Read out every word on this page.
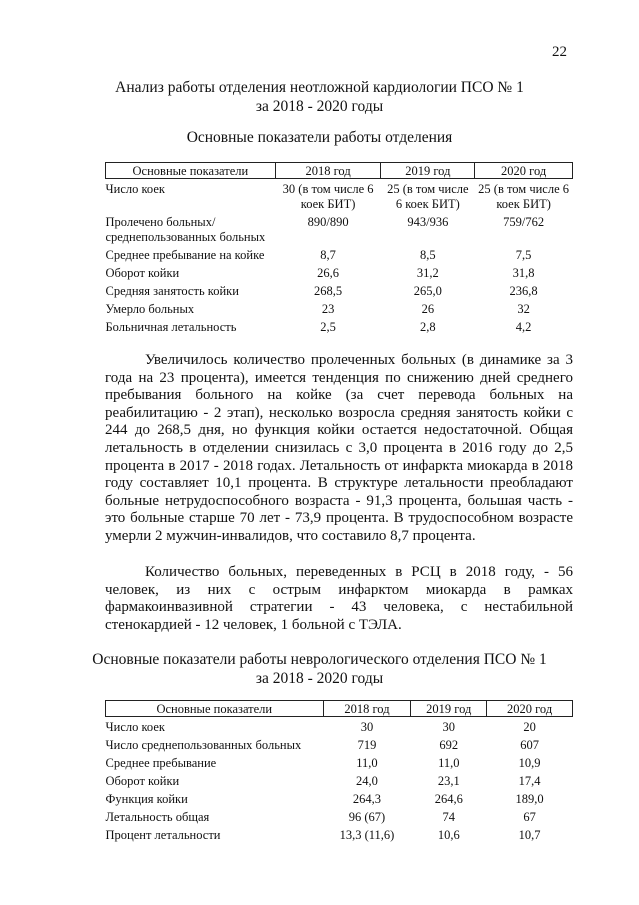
22
Анализ работы отделения неотложной кардиологии ПСО № 1
за 2018 - 2020 годы
Основные показатели работы отделения
Основные показатели	2018 год	2019 год	2020 год
Число коек	30 (в том числе 6 коек БИТ)	25 (в том числе 6 коек БИТ)	25 (в том числе 6 коек БИТ)
Пролечено больных/ среднепользованных больных	890/890	943/936	759/762
Среднее пребывание на койке	8,7	8,5	7,5
Оборот койки	26,6	31,2	31,8
Средняя занятость койки	268,5	265,0	236,8
Умерло больных	23	26	32
Больничная летальность	2,5	2,8	4,2

Увеличилось количество пролеченных больных (в динамике за 3 года на 23 процента), имеется тенденция по снижению дней среднего пребывания больного на койке (за счет перевода больных на реабилитацию - 2 этап), несколько возросла средняя занятость койки с 244 до 268,5 дня, но функция койки остается недостаточной. Общая летальность в отделении снизилась с 3,0 процента в 2016 году до 2,5 процента в 2017 - 2018 годах. Летальность от инфаркта миокарда в 2018 году составляет 10,1 процента. В структуре летальности преобладают больные нетрудоспособного возраста - 91,3 процента, большая часть - это больные старше 70 лет - 73,9 процента. В трудоспособном возрасте умерли 2 мужчин-инвалидов, что составило 8,7 процента.

Количество больных, переведенных в РСЦ в 2018 году, - 56 человек, из них с острым инфарктом миокарда в рамках фармакоинвазивной стратегии - 43 человека, с нестабильной стенокардией - 12 человек, 1 больной с ТЭЛА.

Основные показатели работы неврологического отделения ПСО № 1
за 2018 - 2020 годы
Основные показатели	2018 год	2019 год	2020 год
Число коек	30	30	20
Число среднепользованных больных	719	692	607
Среднее пребывание	11,0	11,0	10,9
Оборот койки	24,0	23,1	17,4
Функция койки	264,3	264,6	189,0
Летальность общая	96 (67)	74	67
Процент летальности	13,3 (11,6)	10,6	10,7
